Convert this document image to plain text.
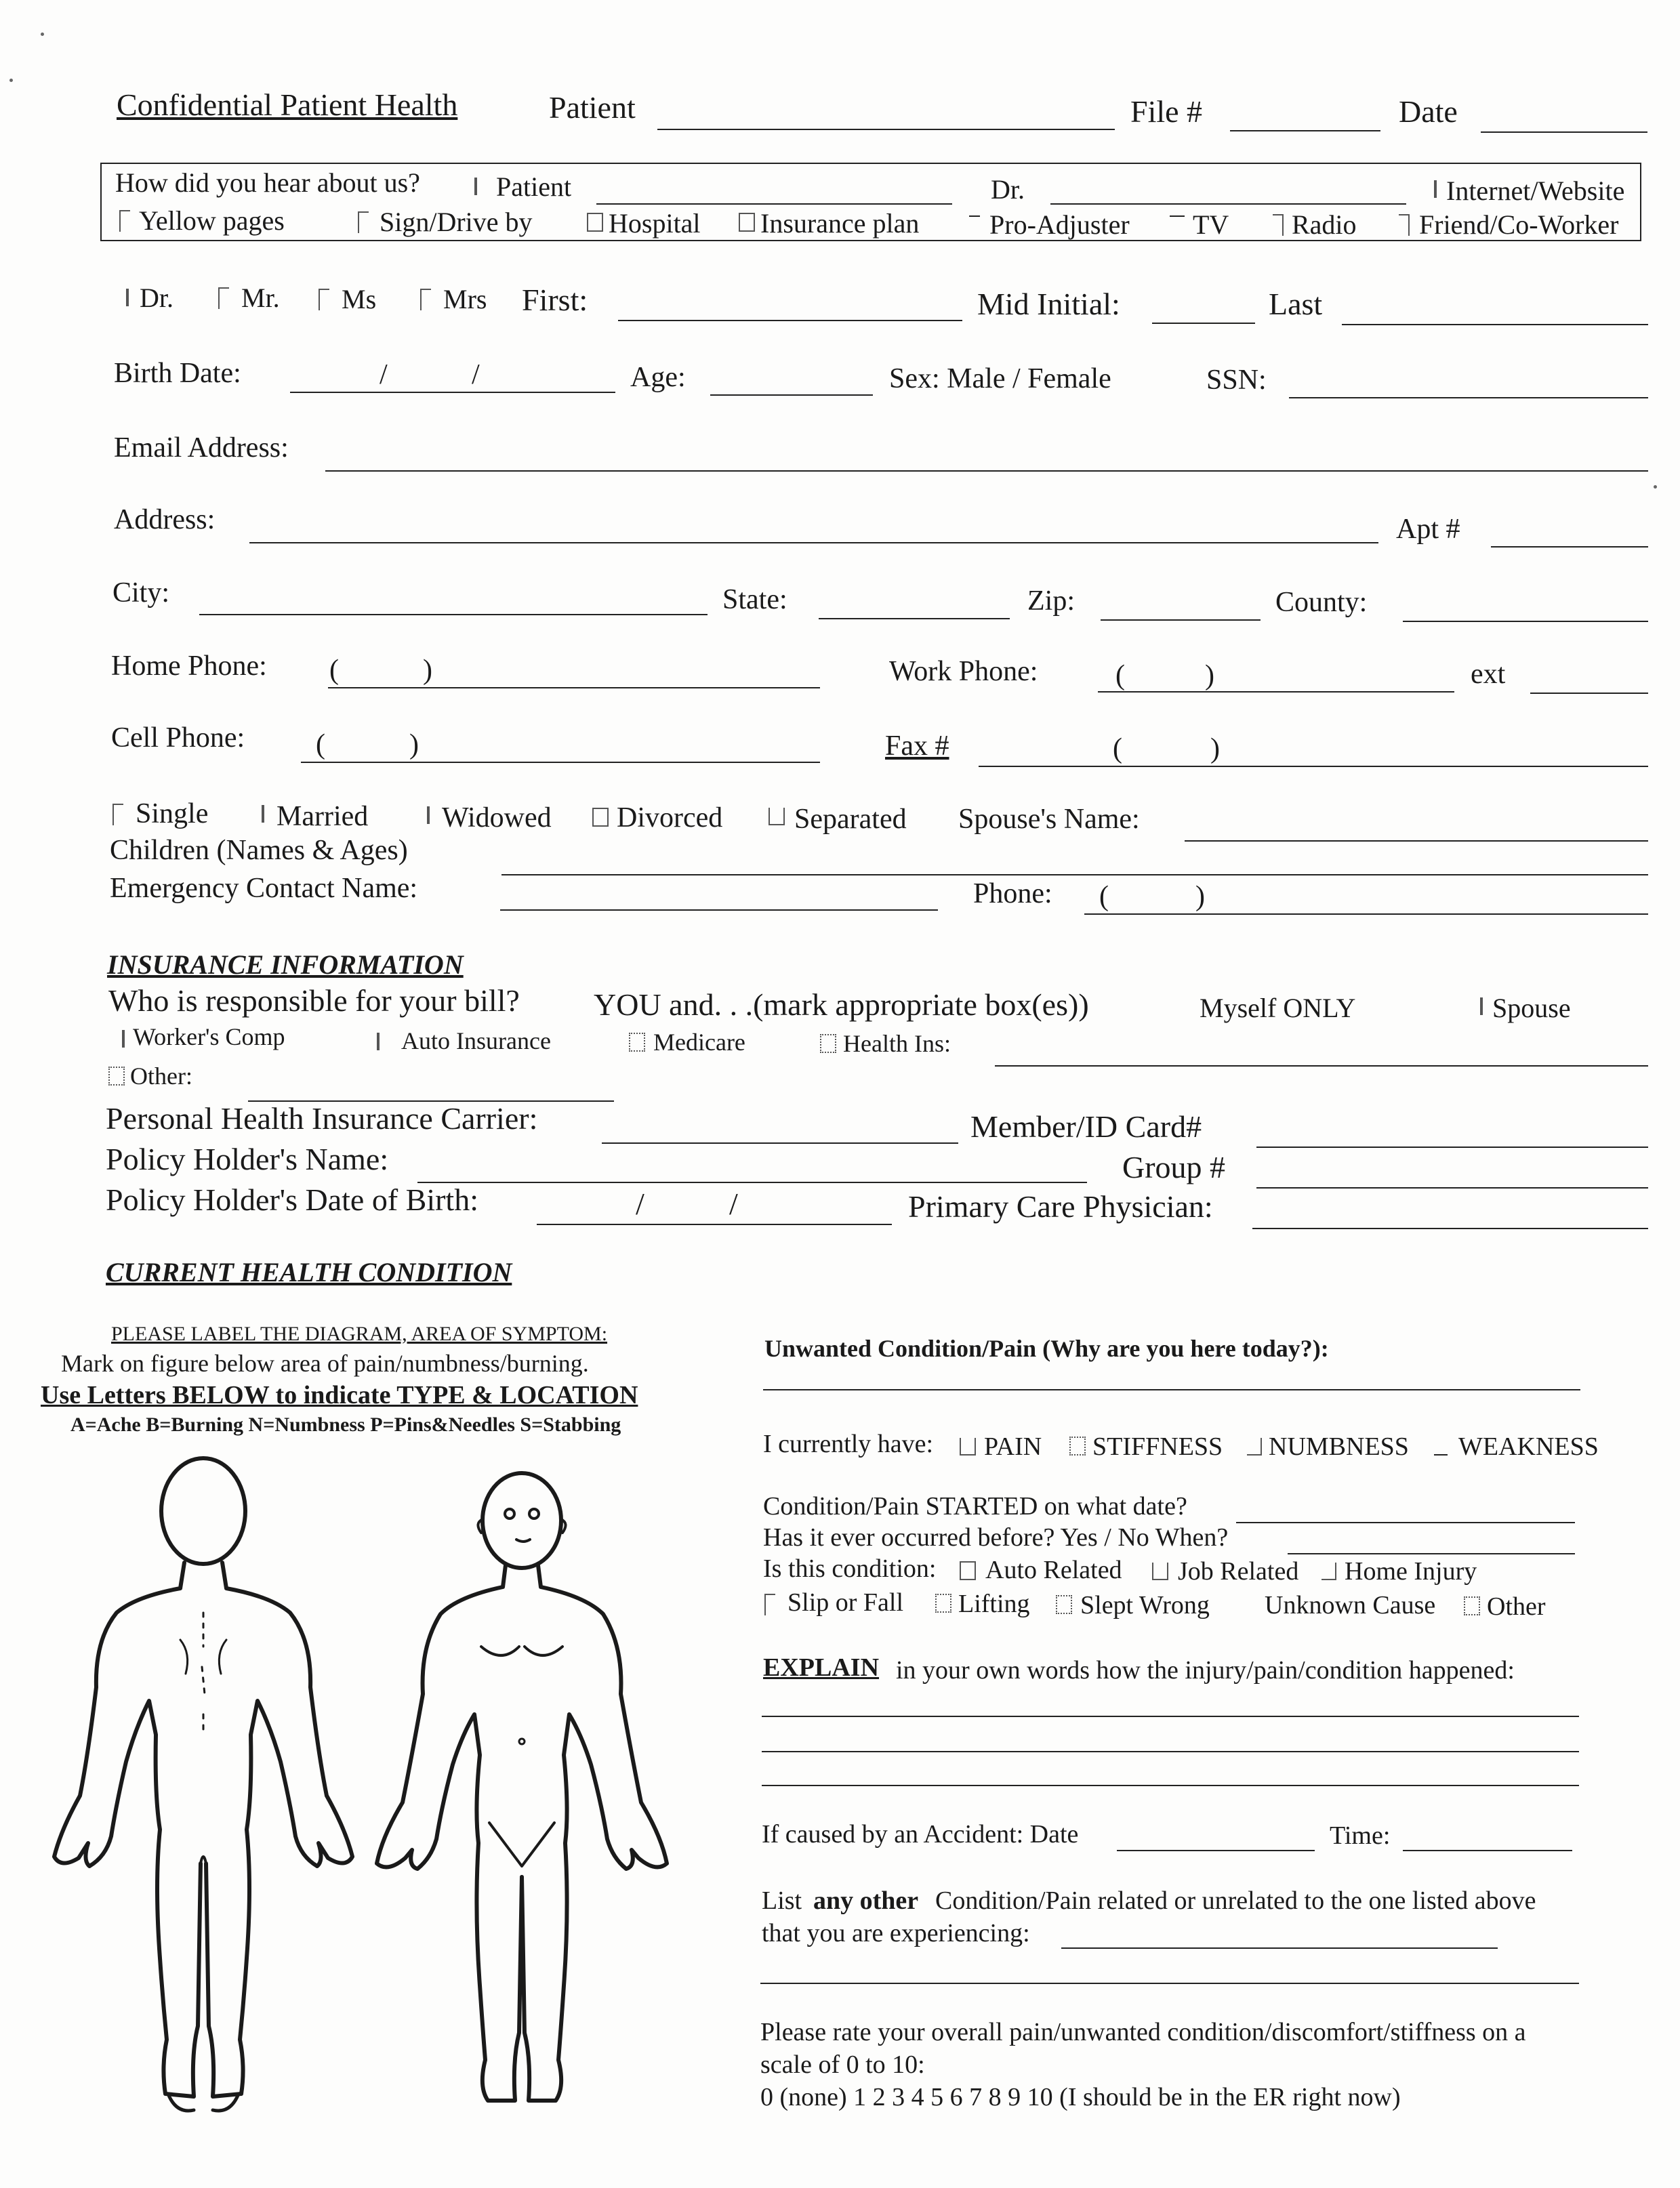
Confidential Patient Health	Patient	File #	Date
How did you hear about us?	Patient	Dr.	Internet/Website
Yellow pages	Sign/Drive by	Hospital Insurance plan	Pro-Adjuster TV Radio Friend/Co-Worker
Dr.	Mr. Ms Mrs First:	Mid Initial:	Last
Birth Date:	/	/	Age:	Sex: Male / Female	SSN:
Email Address:
Address:	Apt #
City:	State:	Zip:	County:
Home Phone: (	)	Work Phone:	(	)	ext
Cell Phone: (	)	Fax #	(	)
Single Married	Widowed Divorced	Separated Spouse's Name:
Children (Names & Ages)
Emergency Contact Name:	Phone: (	)
INSURANCE INFORMATION
Who is responsible for your bill? YOU and. . .(mark appropriate box(es))	Myself ONLY	Spouse
Worker's Comp	Auto Insurance	Medicare	Health Ins:
Other:
Personal Health Insurance Carrier:	Member/ID Card#
Policy Holder's Name:	Group #
Policy Holder's Date of Birth:	/	/	Primary Care Physician:
CURRENT HEALTH CONDITION
PLEASE LABEL THE DIAGRAM, AREA OF SYMPTOM:
Mark on figure below area of pain/numbness/burning.
Use Letters BELOW to indicate TYPE & LOCATION
A=Ache B=Burning N=Numbness P=Pins&Needles S=Stabbing
Unwanted Condition/Pain (Why are you here today?):
I currently have: PAIN STIFFNESS NUMBNESS WEAKNESS
Condition/Pain STARTED on what date?
Has it ever occurred before? Yes / No When?
Is this condition: Auto Related Job Related Home Injury
Slip or Fall Lifting Slept Wrong Unknown Cause Other
EXPLAIN in your own words how the injury/pain/condition happened:
If caused by an Accident: Date	Time:
List any other Condition/Pain related or unrelated to the one listed above
that you are experiencing:
Please rate your overall pain/unwanted condition/discomfort/stiffness on a
scale of 0 to 10:
0 (none) 1 2 3 4 5 6 7 8 9 10 (I should be in the ER right now)
